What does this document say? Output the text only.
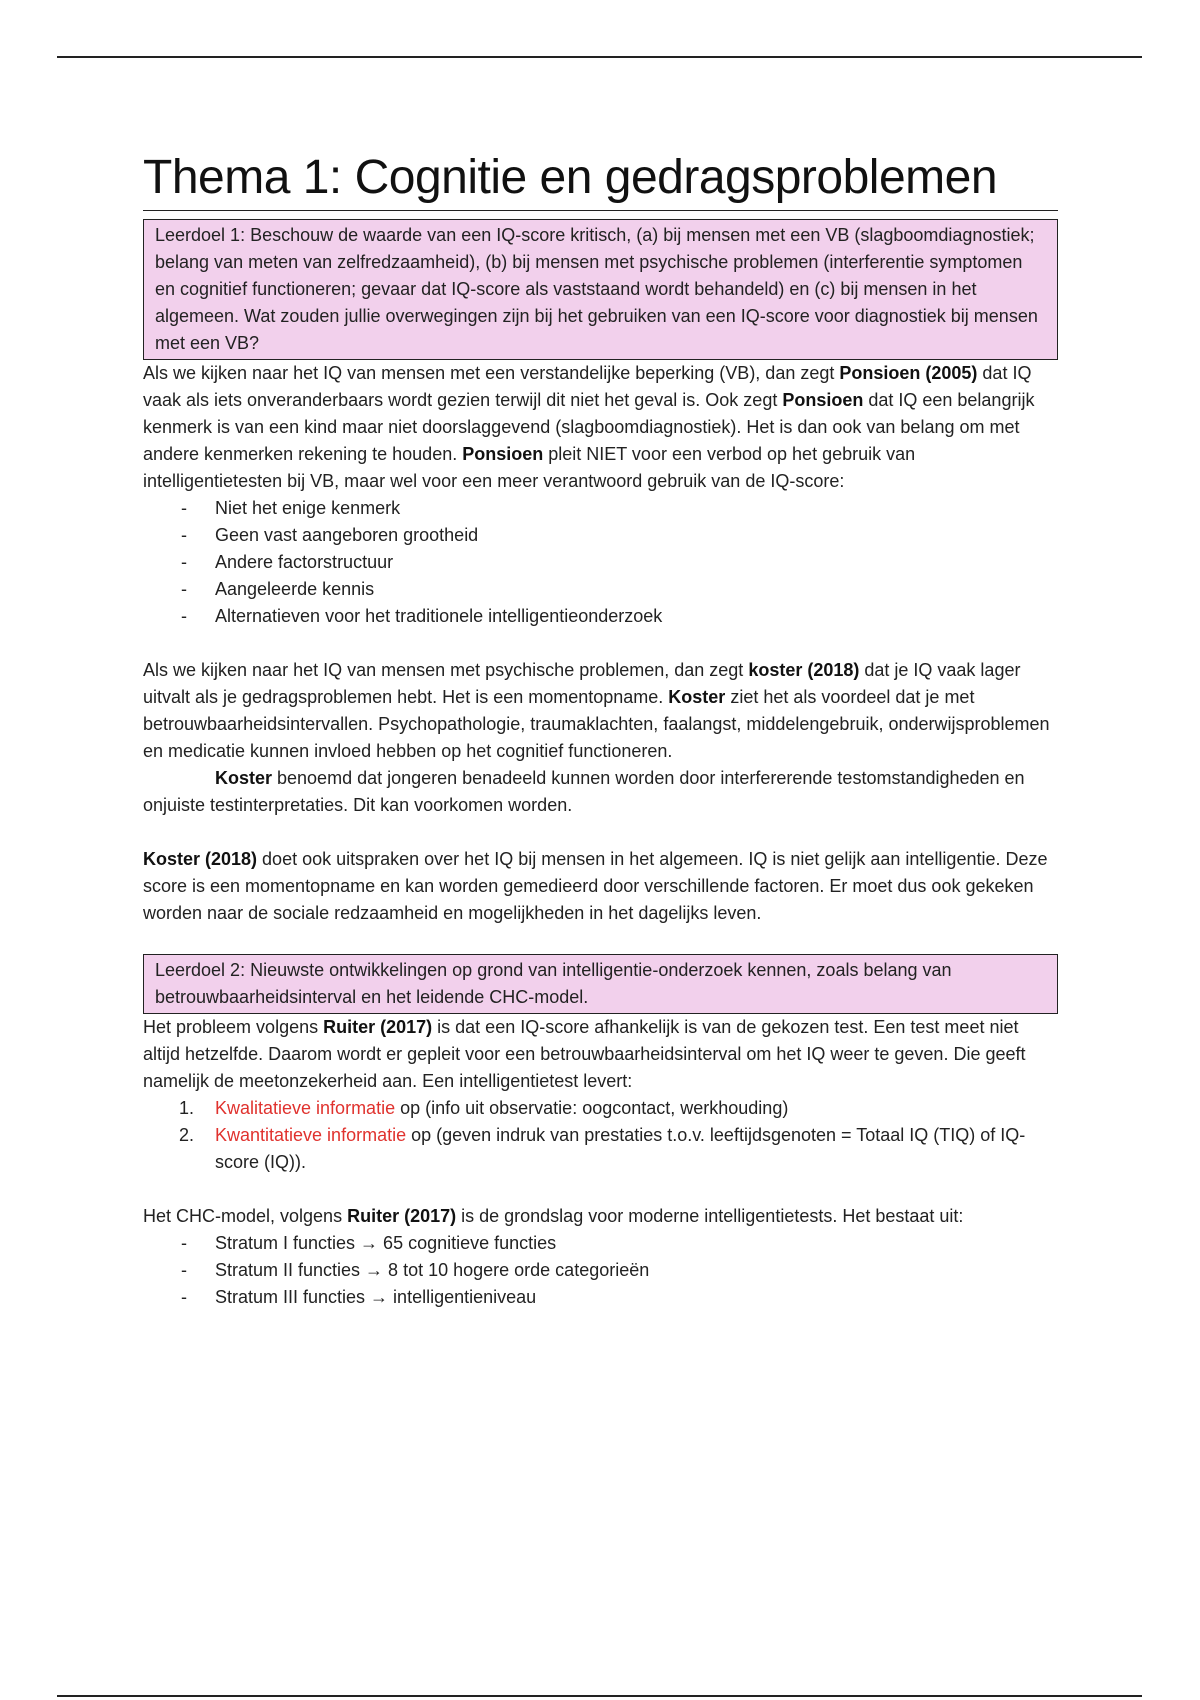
Thema 1: Cognitie en gedragsproblemen
Leerdoel 1: Beschouw de waarde van een IQ-score kritisch, (a) bij mensen met een VB (slagboomdiagnostiek; belang van meten van zelfredzaamheid), (b) bij mensen met psychische problemen (interferentie symptomen en cognitief functioneren; gevaar dat IQ-score als vaststaand wordt behandeld) en (c) bij mensen in het algemeen. Wat zouden jullie overwegingen zijn bij het gebruiken van een IQ-score voor diagnostiek bij mensen met een VB?

Als we kijken naar het IQ van mensen met een verstandelijke beperking (VB), dan zegt Ponsioen (2005) dat IQ vaak als iets onveranderbaars wordt gezien terwijl dit niet het geval is. Ook zegt Ponsioen dat IQ een belangrijk kenmerk is van een kind maar niet doorslaggevend (slagboomdiagnostiek). Het is dan ook van belang om met andere kenmerken rekening te houden. Ponsioen pleit NIET voor een verbod op het gebruik van intelligentietesten bij VB, maar wel voor een meer verantwoord gebruik van de IQ-score:

- Niet het enige kenmerk
- Geen vast aangeboren grootheid
- Andere factorstructuur
- Aangeleerde kennis
- Alternatieven voor het traditionele intelligentieonderzoek

Als we kijken naar het IQ van mensen met psychische problemen, dan zegt koster (2018) dat je IQ vaak lager uitvalt als je gedragsproblemen hebt. Het is een momentopname. Koster ziet het als voordeel dat je met betrouwbaarheidsintervallen. Psychopathologie, traumaklachten, faalangst, middelengebruik, onderwijsproblemen en medicatie kunnen invloed hebben op het cognitief functioneren.

Koster benoemd dat jongeren benadeeld kunnen worden door interfererende testomstandigheden en onjuiste testinterpretaties. Dit kan voorkomen worden.

Koster (2018) doet ook uitspraken over het IQ bij mensen in het algemeen. IQ is niet gelijk aan intelligentie. Deze score is een momentopname en kan worden gemedieerd door verschillende factoren. Er moet dus ook gekeken worden naar de sociale redzaamheid en mogelijkheden in het dagelijks leven.

Leerdoel 2: Nieuwste ontwikkelingen op grond van intelligentie-onderzoek kennen, zoals belang van betrouwbaarheidsinterval en het leidende CHC-model.

Het probleem volgens Ruiter (2017) is dat een IQ-score afhankelijk is van de gekozen test. Een test meet niet altijd hetzelfde. Daarom wordt er gepleit voor een betrouwbaarheidsinterval om het IQ weer te geven. Die geeft namelijk de meetonzekerheid aan. Een intelligentietest levert:

1. Kwalitatieve informatie op (info uit observatie: oogcontact, werkhouding)
2. Kwantitatieve informatie op (geven indruk van prestaties t.o.v. leeftijdsgenoten = Totaal IQ (TIQ) of IQ-score (IQ)).

Het CHC-model, volgens Ruiter (2017) is de grondslag voor moderne intelligentietests. Het bestaat uit:

- Stratum I functies → 65 cognitieve functies
- Stratum II functies → 8 tot 10 hogere orde categorieën
- Stratum III functies → intelligentieniveau
